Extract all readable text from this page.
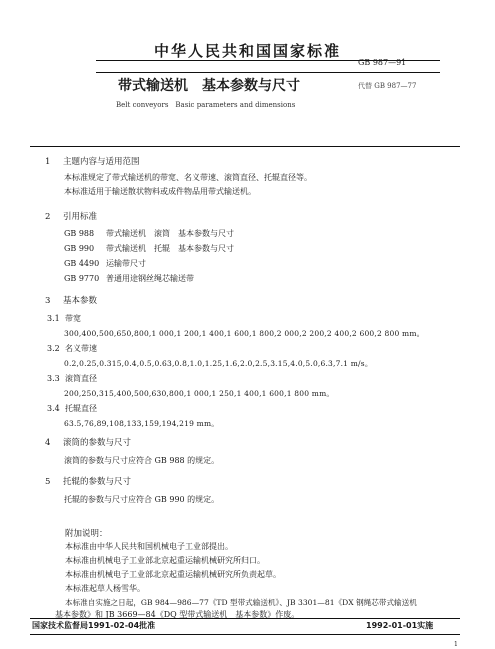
中华人民共和国国家标准
GB 987—91
带式输送机　基本参数与尺寸	代替 GB 987—77
Belt conveyors　Basic parameters and dimensions
1 主题内容与适用范围
本标准规定了带式输送机的带宽、名义带速、滚筒直径、托辊直径等。
本标准适用于输送散状物料或成件物品用带式输送机。
2 引用标准
GB 988 带式输送机　滚筒　基本参数与尺寸
GB 990 带式输送机　托辊　基本参数与尺寸
GB 4490 运输带尺寸
GB 9770 普通用途钢丝绳芯输送带
3 基本参数
3.1 带宽
300,400,500,650,800,1 000,1 200,1 400,1 600,1 800,2 000,2 200,2 400,2 600,2 800 mm。
3.2 名义带速
0.2,0.25,0.315,0.4,0.5,0.63,0.8,1.0,1.25,1.6,2.0,2.5,3.15,4.0,5.0,6.3,7.1 m/s。
3.3 滚筒直径
200,250,315,400,500,630,800,1 000,1 250,1 400,1 600,1 800 mm。
3.4 托辊直径
63.5,76,89,108,133,159,194,219 mm。
4 滚筒的参数与尺寸
滚筒的参数与尺寸应符合 GB 988 的规定。
5 托辊的参数与尺寸
托辊的参数与尺寸应符合 GB 990 的规定。
附加说明：
本标准由中华人民共和国机械电子工业部提出。
本标准由机械电子工业部北京起重运输机械研究所归口。
本标准由机械电子工业部北京起重运输机械研究所负责起草。
本标准起草人杨雪华。
本标准自实施之日起，GB 984—986—77《TD 型带式输送机》、JB 3301—81《DX 钢绳芯带式输送机
基本参数》和 JB 3669—84《DQ 型带式输送机　基本参数》作废。
国家技术监督局1991-02-04批准	1992-01-01实施
1
